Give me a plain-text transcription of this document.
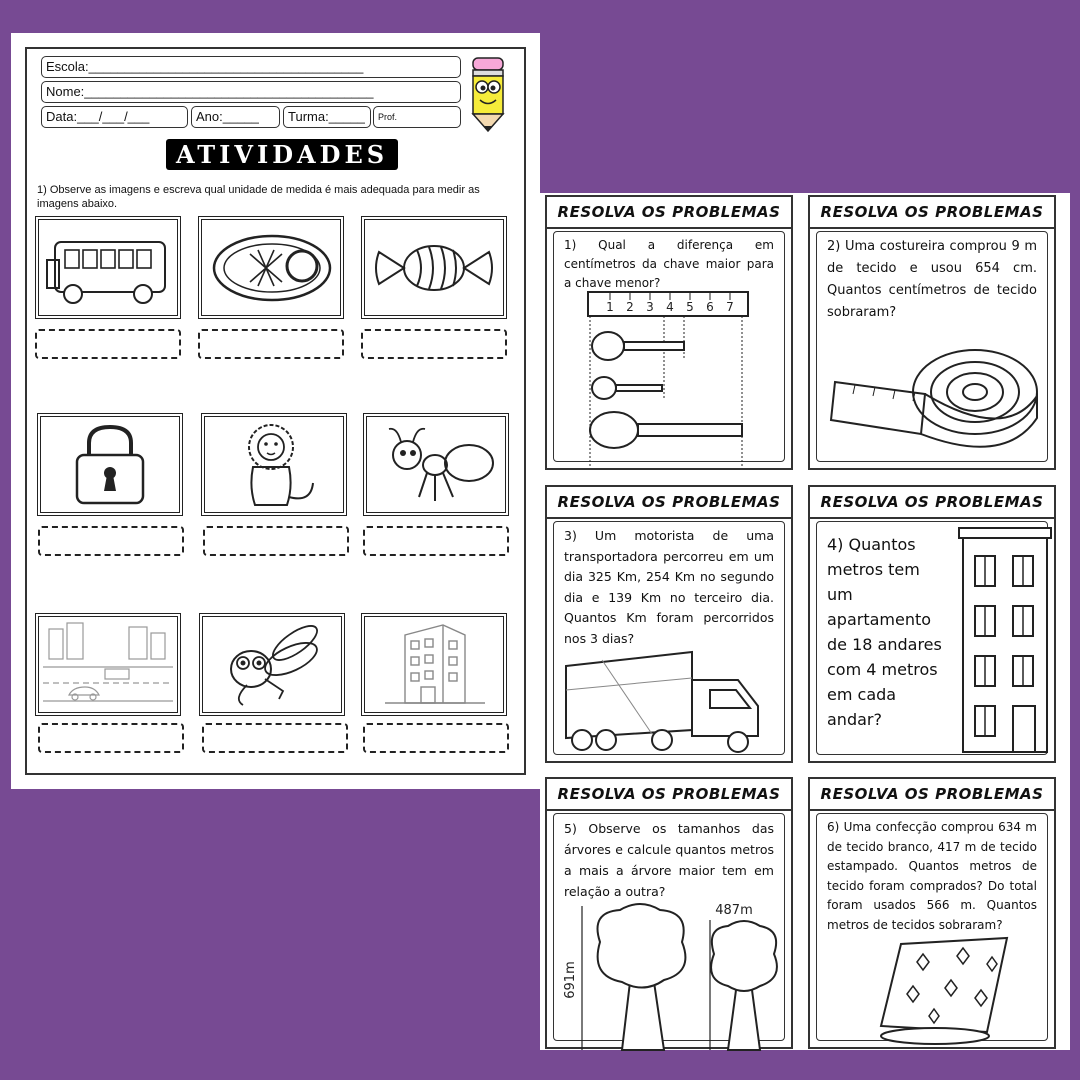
Escola:______________________________________
Nome:________________________________________
Data:___/___/___	Ano:_____	Turma:_____	Prof.
ATIVIDADES
1) Observe as imagens e escreva qual unidade de medida é mais adequada para medir as imagens abaixo.	RESOLVA OS PROBLEMAS
1) Qual a diferença em centímetros da chave maior para a chave menor?
1 2 3 4 5 6 7
RESOLVA OS PROBLEMAS
2) Uma costureira comprou 9 m de tecido e usou 654 cm. Quantos centímetros de tecido sobraram?
RESOLVA OS PROBLEMAS
3) Um motorista de uma transportadora percorreu em um dia 325 Km, 254 Km no segundo dia e 139 Km no terceiro dia. Quantos Km foram percorridos nos 3 dias?
RESOLVA OS PROBLEMAS
4) Quantos metros tem um apartamento de 18 andares com 4 metros em cada andar?
RESOLVA OS PROBLEMAS
5) Observe os tamanhos das árvores e calcule quantos metros a mais a árvore maior tem em relação a outra?
691m
487m
RESOLVA OS PROBLEMAS
6) Uma confecção comprou 634 m de tecido branco, 417 m de tecido estampado. Quantos metros de tecido foram comprados? Do total foram usados 566 m. Quantos metros de tecidos sobraram?
